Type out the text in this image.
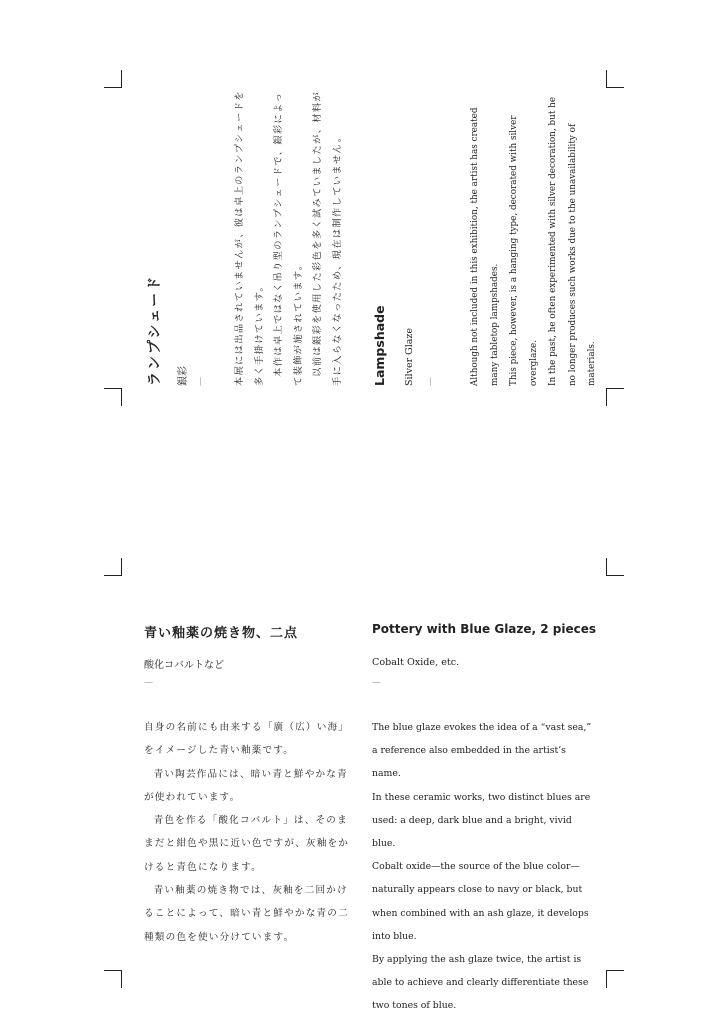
ランプシェード	銀彩 —	本展には出品されていませんが、彼は卓上のランプシェードを多く手掛けています。 本作は卓上ではなく吊り型のランプシェードで、銀彩によって装飾が施されています。 以前は銀彩を使用した彩色を多く試みていましたが、材料が手に入らなくなったため、現在は制作していません。	Lampshade Silver Glaze —	Although not included in this exhibition, the artist has created many tabletop lampshades.	This piece, however, is a hanging type, decorated with silver overglaze.	In the past, he often experimented with silver decoration, but he no longer produces such works due to the unavailability of materials.

青い釉薬の焼き物、二点
酸化コバルトなど
—

自身の名前にも由来する「廣（広）い海」をイメージした青い釉薬です。

青い陶芸作品には、暗い青と鮮やかな青が使われています。

青色を作る「酸化コバルト」は、そのままだと紺色や黒に近い色ですが、灰釉をかけると青色になります。

青い釉薬の焼き物では、灰釉を二回かけることによって、暗い青と鮮やかな青の二種類の色を使い分けています。

Pottery with Blue Glaze, 2 pieces
Cobalt Oxide, etc.
—

The blue glaze evokes the idea of a “vast sea,” a reference also embedded in the artist’s name.

In these ceramic works, two distinct blues are used: a deep, dark blue and a bright, vivid blue.

Cobalt oxide—the source of the blue color—naturally appears close to navy or black, but when combined with an ash glaze, it develops into blue.

By applying the ash glaze twice, the artist is able to achieve and clearly differentiate these two tones of blue.
